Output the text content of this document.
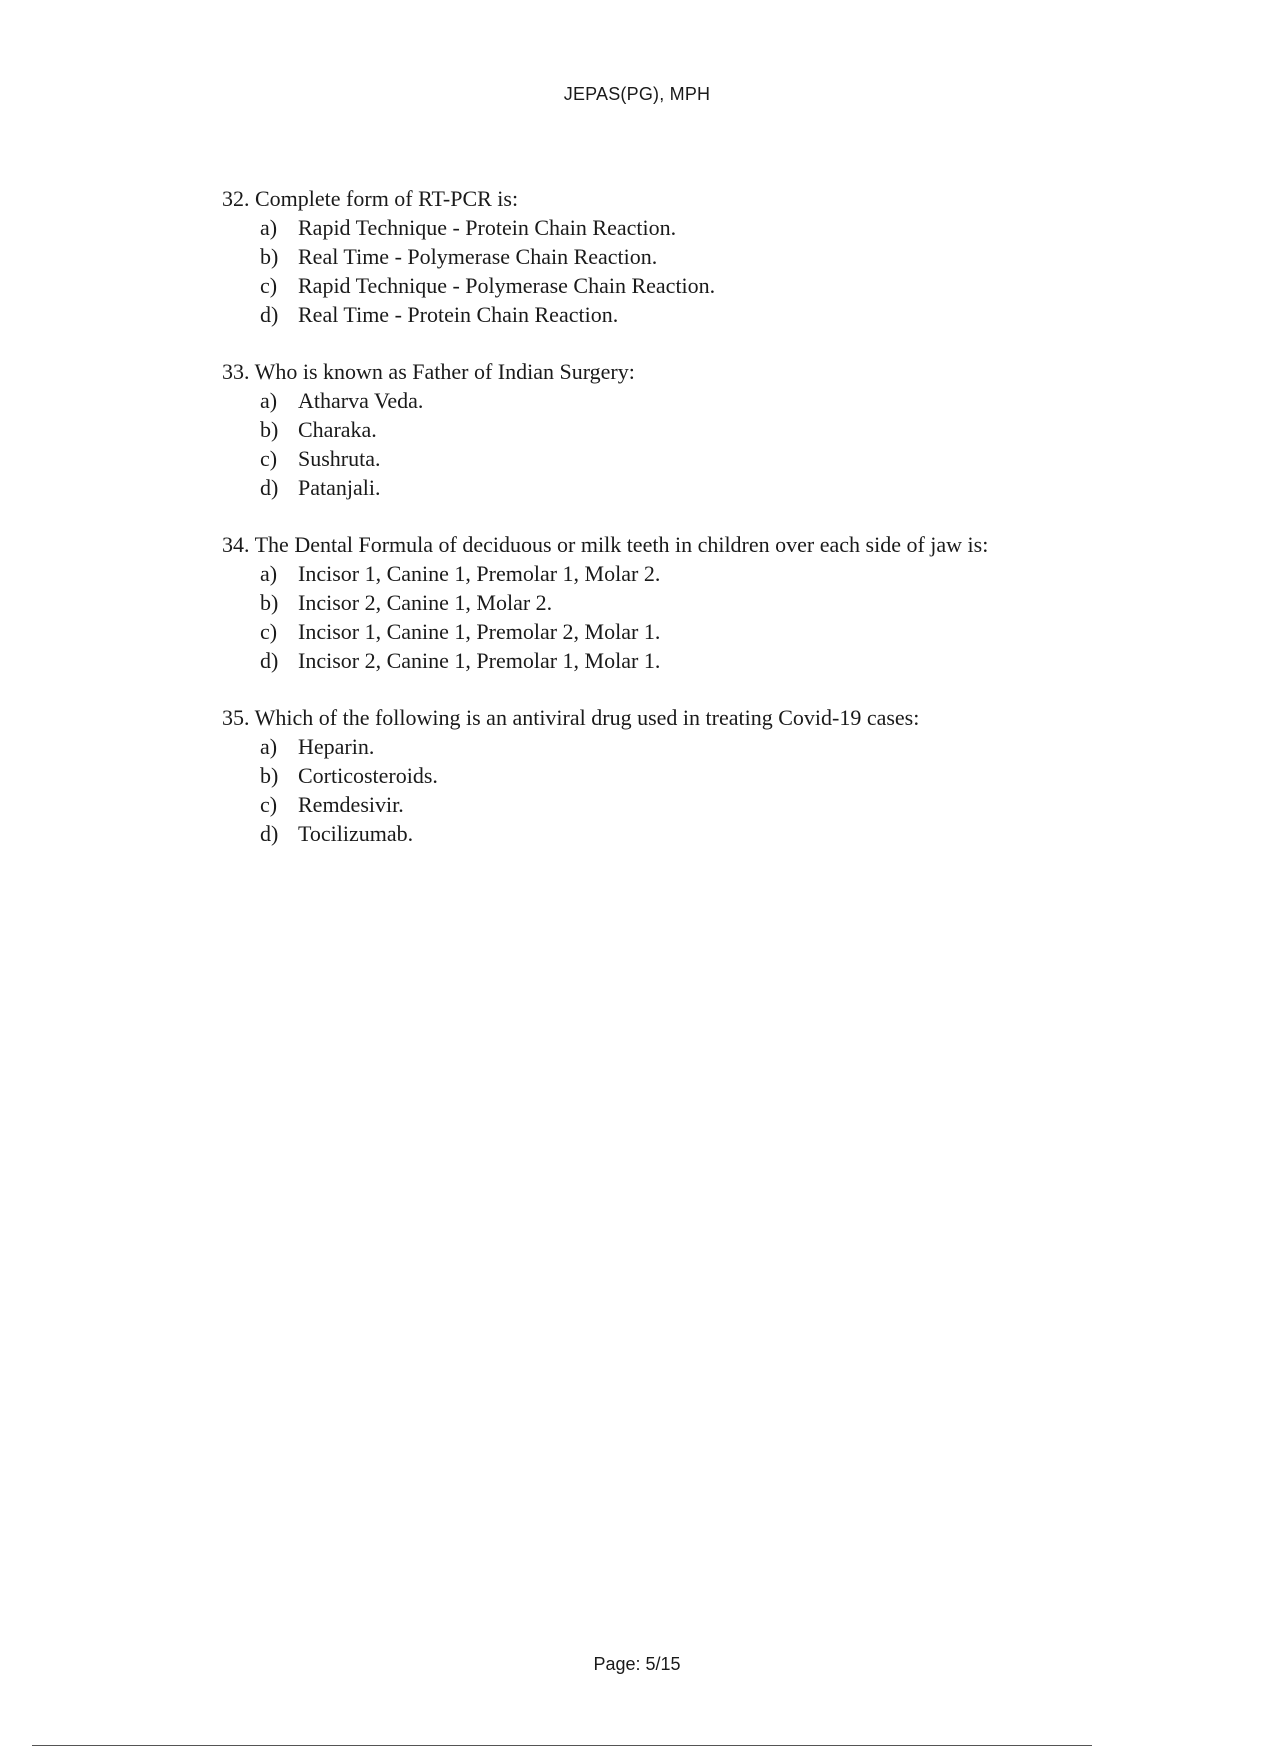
JEPAS(PG), MPH
32. Complete form of RT-PCR is:
a) Rapid Technique - Protein Chain Reaction.
b) Real Time - Polymerase Chain Reaction.
c) Rapid Technique - Polymerase Chain Reaction.
d) Real Time - Protein Chain Reaction.
33. Who is known as Father of Indian Surgery:
a) Atharva Veda.
b) Charaka.
c) Sushruta.
d) Patanjali.
34. The Dental Formula of deciduous or milk teeth in children over each side of jaw is:
a) Incisor 1, Canine 1, Premolar 1, Molar 2.
b) Incisor 2, Canine 1, Molar 2.
c) Incisor 1, Canine 1, Premolar 2, Molar 1.
d) Incisor 2, Canine 1, Premolar 1, Molar 1.
35. Which of the following is an antiviral drug used in treating Covid-19 cases:
a) Heparin.
b) Corticosteroids.
c) Remdesivir.
d) Tocilizumab.
Page: 5/15
